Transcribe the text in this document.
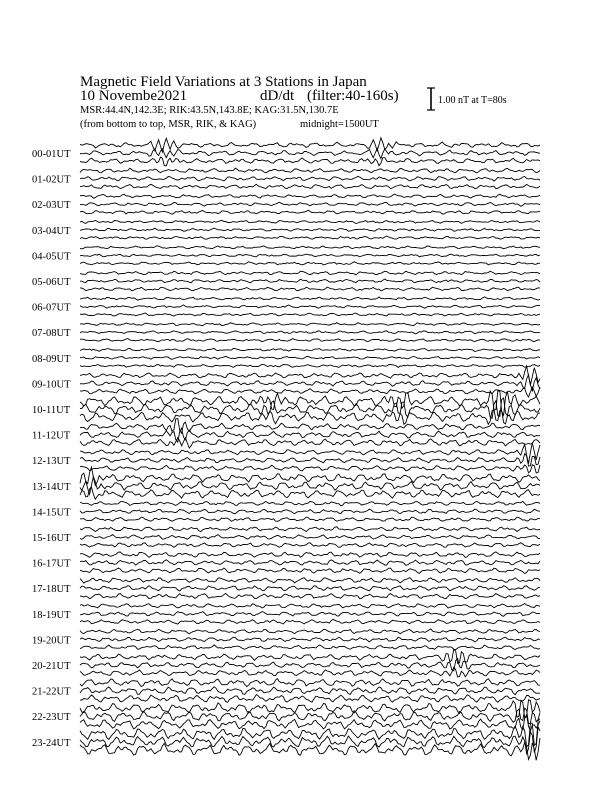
Magnetic Field Variations at 3 Stations in Japan
10 Novembe2021	dD/dt (filter:40-160s)
MSR:44.4N,142.3E; RIK:43.5N,143.8E; KAG:31.5N,130.7E
(from bottom to top, MSR, RIK, & KAG)	midnight=1500UT
1.00 nT at T=80s
00-01UT
01-02UT
02-03UT
03-04UT
04-05UT
05-06UT
06-07UT
07-08UT
08-09UT
09-10UT
10-11UT
11-12UT
12-13UT
13-14UT
14-15UT
15-16UT
16-17UT
17-18UT
18-19UT
19-20UT
20-21UT
21-22UT
22-23UT
23-24UT
